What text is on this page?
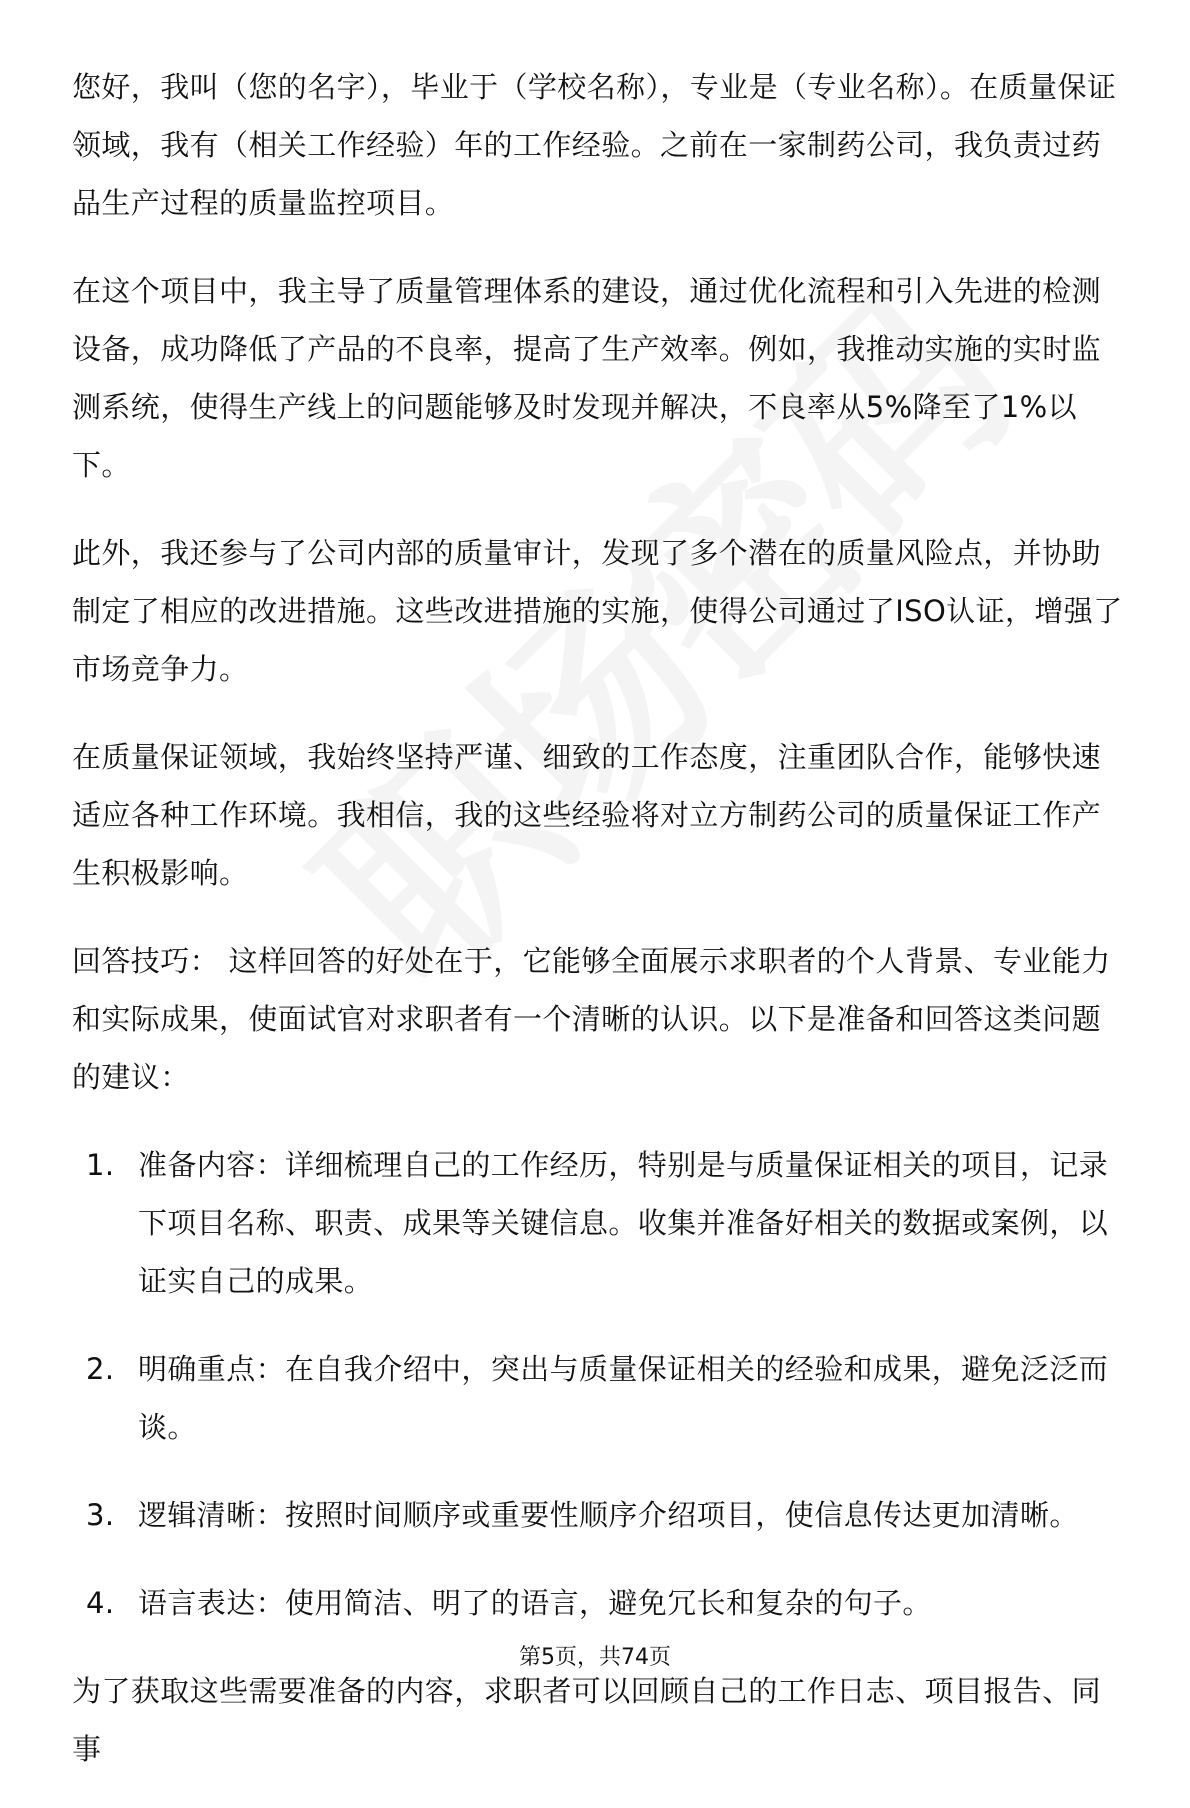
您好，我叫（您的名字），毕业于（学校名称），专业是（专业名称）。在质量保证领域，我有（相关工作经验）年的工作经验。之前在一家制药公司，我负责过药品生产过程的质量监控项目。

在这个项目中，我主导了质量管理体系的建设，通过优化流程和引入先进的检测设备，成功降低了产品的不良率，提高了生产效率。例如，我推动实施的实时监测系统，使得生产线上的问题能够及时发现并解决，不良率从5%降至了1%以下。

此外，我还参与了公司内部的质量审计，发现了多个潜在的质量风险点，并协助制定了相应的改进措施。这些改进措施的实施，使得公司通过了ISO认证，增强了市场竞争力。

在质量保证领域，我始终坚持严谨、细致的工作态度，注重团队合作，能够快速适应各种工作环境。我相信，我的这些经验将对立方制药公司的质量保证工作产生积极影响。

回答技巧： 这样回答的好处在于，它能够全面展示求职者的个人背景、专业能力和实际成果，使面试官对求职者有一个清晰的认识。以下是准备和回答这类问题的建议：

1. 准备内容：详细梳理自己的工作经历，特别是与质量保证相关的项目，记录下项目名称、职责、成果等关键信息。收集并准备好相关的数据或案例，以证实自己的成果。
2. 明确重点：在自我介绍中，突出与质量保证相关的经验和成果，避免泛泛而谈。
3. 逻辑清晰：按照时间顺序或重要性顺序介绍项目，使信息传达更加清晰。
4. 语言表达：使用简洁、明了的语言，避免冗长和复杂的句子。

为了获取这些需要准备的内容，求职者可以回顾自己的工作日志、项目报告、同事

第5页，共74页
